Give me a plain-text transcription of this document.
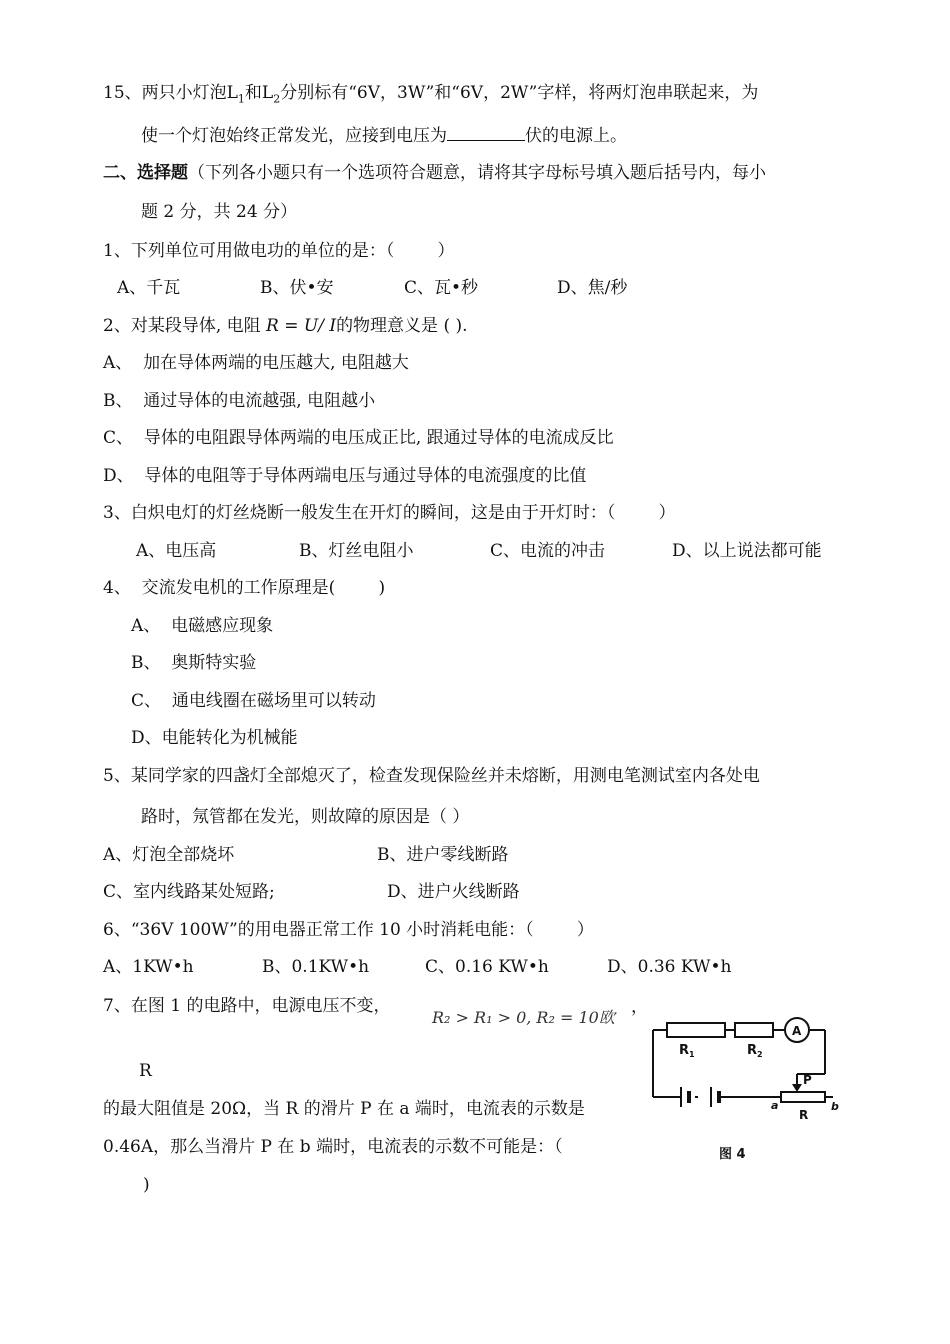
15、两只小灯泡$L_1$和$L_2$分别标有“6V，3W”和“6V，2W”字样，将两灯泡串联起来，为
使一个灯泡始终正常发光，应接到电压为	伏的电源上。
二、选择题（下列各小题只有一个选项符合题意，请将其字母标号填入题后括号内，每小
题 2 分，共 24 分）
1、下列单位可用做电功的单位的是：（        ）
A、千瓦	B、伏•安	C、瓦•秒	D、焦/秒
2、对某段导体, 电阻 R = U/ I的物理意义是 ( ).
A、  加在导体两端的电压越大, 电阻越大
B、  通过导体的电流越强, 电阻越小
C、  导体的电阻跟导体两端的电压成正比, 跟通过导体的电流成反比
D、  导体的电阻等于导体两端电压与通过导体的电流强度的比值
3、白炽电灯的灯丝烧断一般发生在开灯的瞬间，这是由于开灯时：（        ）
A、电压高	B、灯丝电阻小	C、电流的冲击	D、以上说法都可能
4、  交流发电机的工作原理是(        )
A、  电磁感应现象
B、  奥斯特实验
C、  通电线圈在磁场里可以转动
D、电能转化为机械能
5、某同学家的四盏灯全部熄灭了，检查发现保险丝并未熔断，用测电笔测试室内各处电
路时，氖管都在发光，则故障的原因是（ ）
A、灯泡全部烧坏	B、进户零线断路
C、室内线路某处短路;	D、进户火线断路
6、“36V 100W”的用电器正常工作 10 小时消耗电能：（        ）
A、1KW•h	B、0.1KW•h	C、0.16 KW•h	D、0.36 KW•h
7、在图 1 的电路中，电源电压不变，
R₂ > R₁ > 0, R₂ = 10欧
，
R
的最大阻值是 20Ω，当 R 的滑片 P 在 a 端时，电流表的示数是
0.46A，那么当滑片 P 在 b 端时，电流表的示数不可能是：（
)
$R_1$	$R_2$
A
P
a	b
R
图 4
